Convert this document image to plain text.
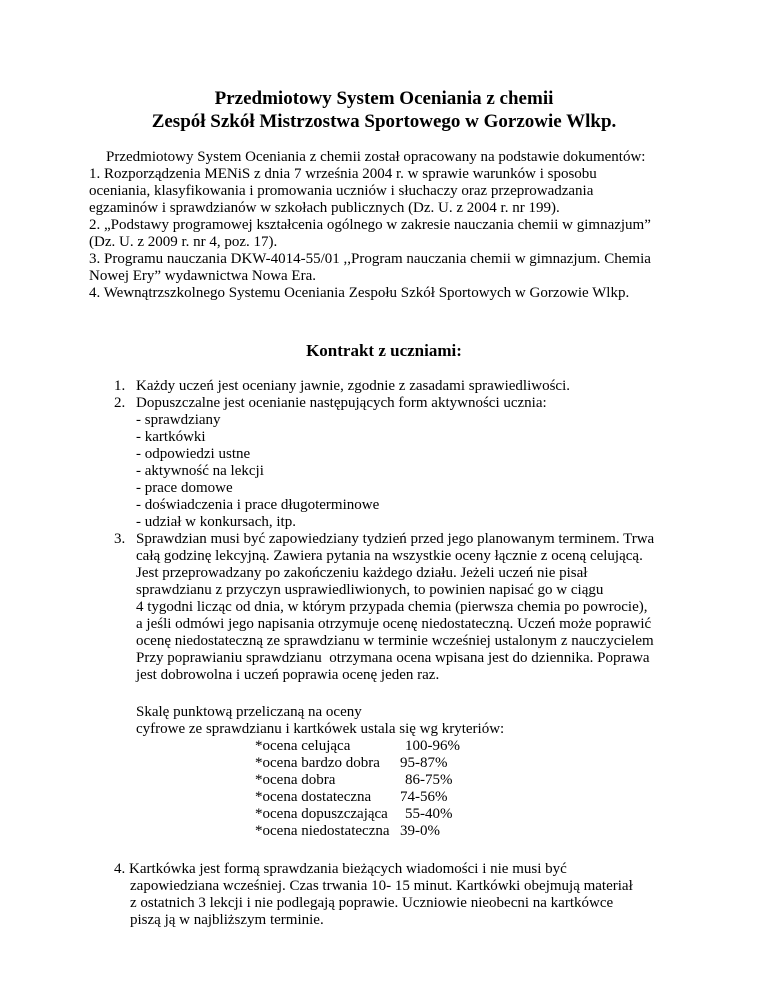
Przedmiotowy System Oceniania z chemii
Zespół Szkół Mistrzostwa Sportowego w Gorzowie Wlkp.
Przedmiotowy System Oceniania z chemii został opracowany na podstawie dokumentów:
1. Rozporządzenia MENiS z dnia 7 września 2004 r. w sprawie warunków i sposobu
oceniania, klasyfikowania i promowania uczniów i słuchaczy oraz przeprowadzania
egzaminów i sprawdzianów w szkołach publicznych (Dz. U. z 2004 r. nr 199).
2. „Podstawy programowej kształcenia ogólnego w zakresie nauczania chemii w gimnazjum”
(Dz. U. z 2009 r. nr 4, poz. 17).
3. Programu nauczania DKW-4014-55/01 ,,Program nauczania chemii w gimnazjum. Chemia
Nowej Ery” wydawnictwa Nowa Era.
4. Wewnątrzszkolnego Systemu Oceniania Zespołu Szkół Sportowych w Gorzowie Wlkp.
Kontrakt z uczniami:
1. Każdy uczeń jest oceniany jawnie, zgodnie z zasadami sprawiedliwości.
2. Dopuszczalne jest ocenianie następujących form aktywności ucznia:
- sprawdziany
- kartkówki
- odpowiedzi ustne
- aktywność na lekcji
- prace domowe
- doświadczenia i prace długoterminowe
- udział w konkursach, itp.
3. Sprawdzian musi być zapowiedziany tydzień przed jego planowanym terminem. Trwa
całą godzinę lekcyjną. Zawiera pytania na wszystkie oceny łącznie z oceną celującą.
Jest przeprowadzany po zakończeniu każdego działu. Jeżeli uczeń nie pisał
sprawdzianu z przyczyn usprawiedliwionych, to powinien napisać go w ciągu
4 tygodni licząc od dnia, w którym przypada chemia (pierwsza chemia po powrocie),
a jeśli odmówi jego napisania otrzymuje ocenę niedostateczną. Uczeń może poprawić
ocenę niedostateczną ze sprawdzianu w terminie wcześniej ustalonym z nauczycielem
Przy poprawianiu sprawdzianu  otrzymana ocena wpisana jest do dziennika. Poprawa
jest dobrowolna i uczeń poprawia ocenę jeden raz.
Skalę punktową przeliczaną na oceny
cyfrowe ze sprawdzianu i kartkówek ustala się wg kryteriów:
*ocena celująca	100-96%
*ocena bardzo dobra 95-87%
*ocena dobra	86-75%
*ocena dostateczna 74-56%
*ocena dopuszczająca 55-40%
*ocena niedostateczna 39-0%
4. Kartkówka jest formą sprawdzania bieżących wiadomości i nie musi być
zapowiedziana wcześniej. Czas trwania 10- 15 minut. Kartkówki obejmują materiał
z ostatnich 3 lekcji i nie podlegają poprawie. Uczniowie nieobecni na kartkówce
piszą ją w najbliższym terminie.
